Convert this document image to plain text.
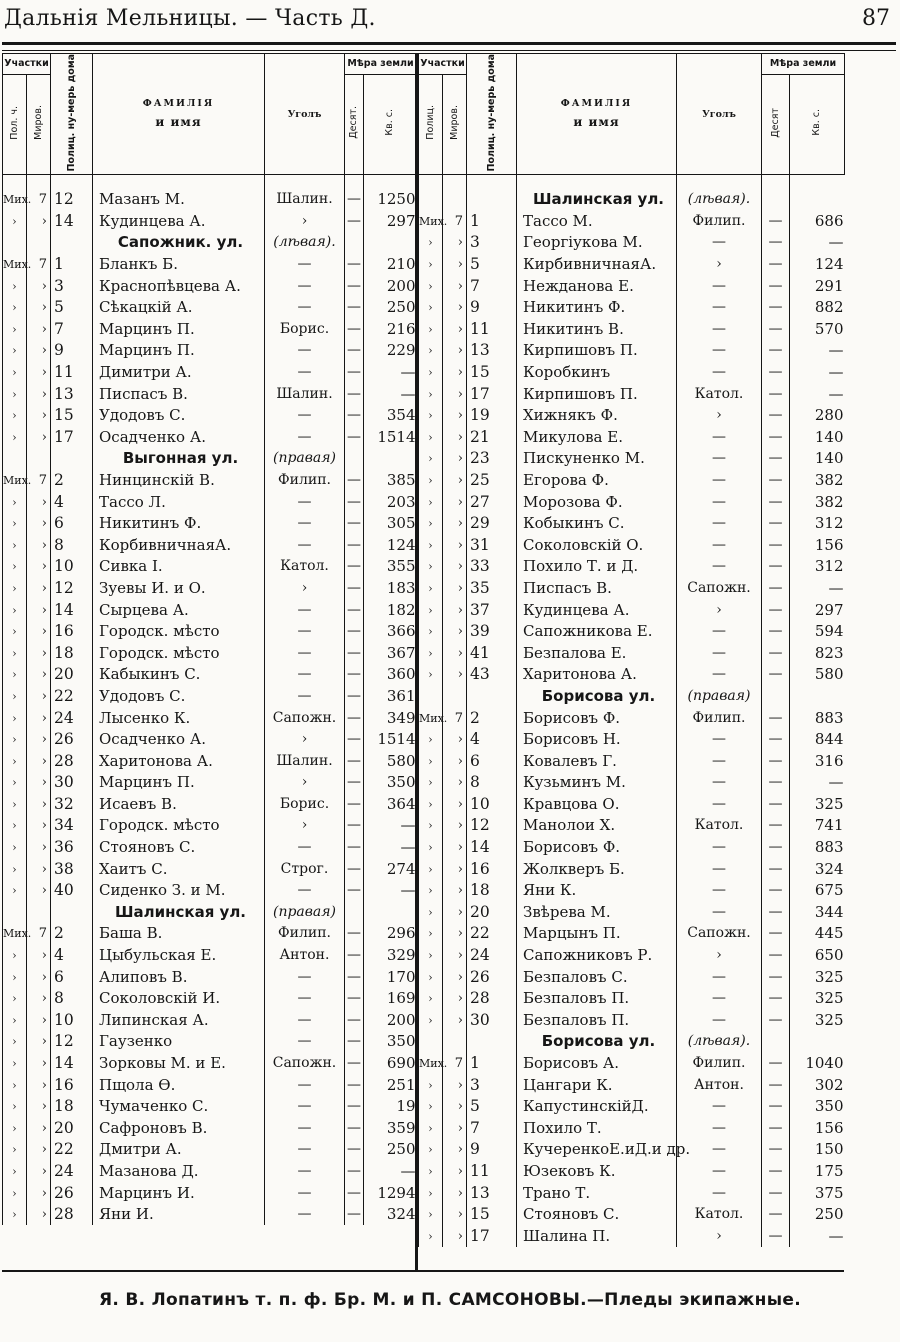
Дальнія Мельницы. — Часть Д.	87
Участки		Полиц. ну-мерь дома	ФАМИЛІЯ
и имя	Уголъ	Мѣра земли	
Пол. ч.	Миров.				Десят.	Кв. с.

Мих.	7	12	Мазанъ М.	Шалин.	—	1250
›	›	14	Кудинцева А.	›	—	297
			Сапожник. ул.	(лѣвая).		
Мих.	7	1	Бланкъ Б.	—	—	210
›	›	3	Краснопѣвцева А.	—	—	200
›	›	5	Сѣкацкій А.	—	—	250
›	›	7	Марцинъ П.	Борис.	—	216
›	›	9	Марцинъ П.	—	—	229
›	›	11	Димитри А.	—	—	—
›	›	13	Писпасъ В.	Шалин.	—	—
›	›	15	Удодовъ С.	—	—	354
›	›	17	Осадченко А.	—	—	1514
			Выгонная ул.	(правая)		
Мих.	7	2	Нинцинскій В.	Филип.	—	385
›	›	4	Тассо Л.	—	—	203
›	›	6	Никитинъ Ф.	—	—	305
›	›	8	КорбивничнаяА.	—	—	124
›	›	10	Сивка I.	Катол.	—	355
›	›	12	Зуевы И. и О.	›	—	183
›	›	14	Сырцева А.	—	—	182
›	›	16	Городск. мѣсто	—	—	366
›	›	18	Городск. мѣсто	—	—	367
›	›	20	Кабыкинъ С.	—	—	360
›	›	22	Удодовъ С.	—	—	361
›	›	24	Лысенко К.	Сапожн.	—	349
›	›	26	Осадченко А.	›	—	1514
›	›	28	Харитонова А.	Шалин.	—	580
›	›	30	Марцинъ П.	›	—	350
›	›	32	Исаевъ В.	Борис.	—	364
›	›	34	Городск. мѣсто	›	—	—
›	›	36	Стояновъ С.	—	—	—
›	›	38	Хаитъ С.	Строг.	—	274
›	›	40	Сиденко З. и М.	—	—	—
			Шалинская ул.	(правая)		
Мих.	7	2	Баша В.	Филип.	—	296
›	›	4	Цыбульская Е.	Антон.	—	329
›	›	6	Алиповъ В.	—	—	170
›	›	8	Соколовскій И.	—	—	169
›	›	10	Липинская А.	—	—	200
›	›	12	Гаузенко	—	—	350
›	›	14	Зорковы М. и Е.	Сапожн.	—	690
›	›	16	Пщола Ѳ.	—	—	251
›	›	18	Чумаченко С.	—	—	19
›	›	20	Сафроновъ В.	—	—	359
›	›	22	Дмитри А.	—	—	250
›	›	24	Мазанова Д.	—	—	—
›	›	26	Марцинъ И.	—	—	1294
›	›	28	Яни И.	—	—	324
Участки		Полиц. ну-мерь дома	ФАМИЛІЯ
и имя	Уголъ	Мѣра земли	
Полиц.	Миров.				Десят	Кв. с.

			Шалинская ул.	(лѣвая).		
Мих.	7	1	Тассо М.	Филип.	—	686
›	›	3	Георгіукова М.	—	—	—
›	›	5	КирбивничнаяА.	›	—	124
›	›	7	Нежданова Е.	—	—	291
›	›	9	Никитинъ Ф.	—	—	882
›	›	11	Никитинъ В.	—	—	570
›	›	13	Кирпишовъ П.	—	—	—
›	›	15	Коробкинъ	—	—	—
›	›	17	Кирпишовъ П.	Катол.	—	—
›	›	19	Хижнякъ Ф.	›	—	280
›	›	21	Микулова Е.	—	—	140
›	›	23	Пискуненко М.	—	—	140
›	›	25	Егорова Ф.	—	—	382
›	›	27	Морозова Ф.	—	—	382
›	›	29	Кобыкинъ С.	—	—	312
›	›	31	Соколовскій О.	—	—	156
›	›	33	Похило Т. и Д.	—	—	312
›	›	35	Писпасъ В.	Сапожн.	—	—
›	›	37	Кудинцева А.	›	—	297
›	›	39	Сапожникова Е.	—	—	594
›	›	41	Безпалова Е.	—	—	823
›	›	43	Харитонова А.	—	—	580
			Борисова ул.	(правая)		
Мих.	7	2	Борисовъ Ф.	Филип.	—	883
›	›	4	Борисовъ Н.	—	—	844
›	›	6	Ковалевъ Г.	—	—	316
›	›	8	Кузьминъ М.	—	—	—
›	›	10	Кравцова О.	—	—	325
›	›	12	Манолои Х.	Катол.	—	741
›	›	14	Борисовъ Ф.	—	—	883
›	›	16	Жолкверъ Б.	—	—	324
›	›	18	Яни К.	—	—	675
›	›	20	Звѣрева М.	—	—	344
›	›	22	Марцынъ П.	Сапожн.	—	445
›	›	24	Сапожниковъ Р.	›	—	650
›	›	26	Безпаловъ С.	—	—	325
›	›	28	Безпаловъ П.	—	—	325
›	›	30	Безпаловъ П.	—	—	325
			Борисова ул.	(лѣвая).		
Мих.	7	1	Борисовъ А.	Филип.	—	1040
›	›	3	Цангари К.	Антон.	—	302
›	›	5	КапустинскійД.	—	—	350
›	›	7	Похило Т.	—	—	156
›	›	9	КучеренкоЕ.иД.и др.	—	—	150
›	›	11	Юзековъ К.	—	—	175
›	›	13	Трано Т.	—	—	375
›	›	15	Стояновъ С.	Катол.	—	250
›	›	17	Шалина П.	›	—	—
Я. В. Лопатинъ т. п. ф. Бр. М. и П. САМСОНОВЫ.—Пледы экипажные.
